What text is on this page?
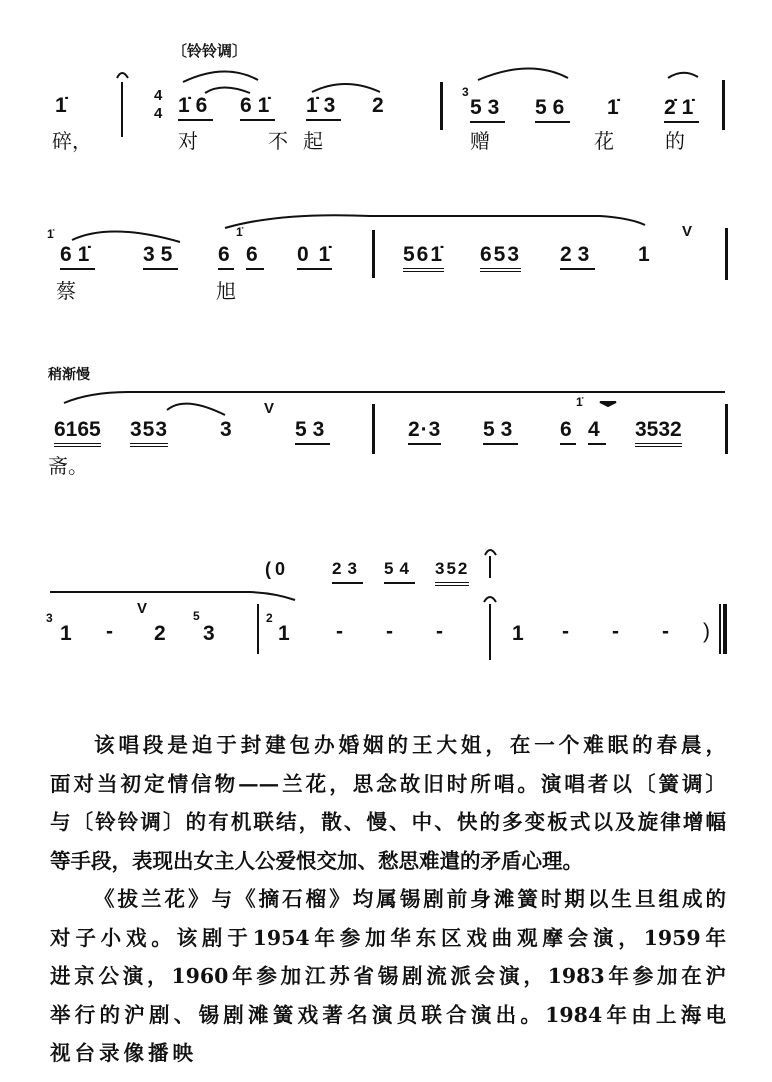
〔铃铃调〕
1̇	4
4 1̇6 61̇ 1̇3 2
3
53 56 1̇ 2̇1̇
碎，	对	不 起	赠	花	的
1̇
61̇ 35 6
1̇
6 0 1̇	561̇ 653 23 1
V
蔡	旭
稍渐慢
6165 353 3
V
53	2·3 53 6
1̇
4 3532
斋。
(0	23 54 352
3
1 -
V
2
5
3
2
1 - - -	1 - - - )
该唱段是迫于封建包办婚姻的王大姐，在一个难眠的春晨，
面对当初定情信物——兰花，思念故旧时所唱。演唱者以〔簧调〕
与〔铃铃调〕的有机联结，散、慢、中、快的多变板式以及旋律增幅
等手段，表现出女主人公爱恨交加、愁思难遣的矛盾心理。
《拔兰花》与《摘石榴》均属锡剧前身滩簧时期以生旦组成的
对子小戏。该剧于1954年参加华东区戏曲观摩会演，1959年
进京公演，1960年参加江苏省锡剧流派会演，1983年参加在沪
举行的沪剧、锡剧滩簧戏著名演员联合演出。1984年由上海电
视台录像播映
